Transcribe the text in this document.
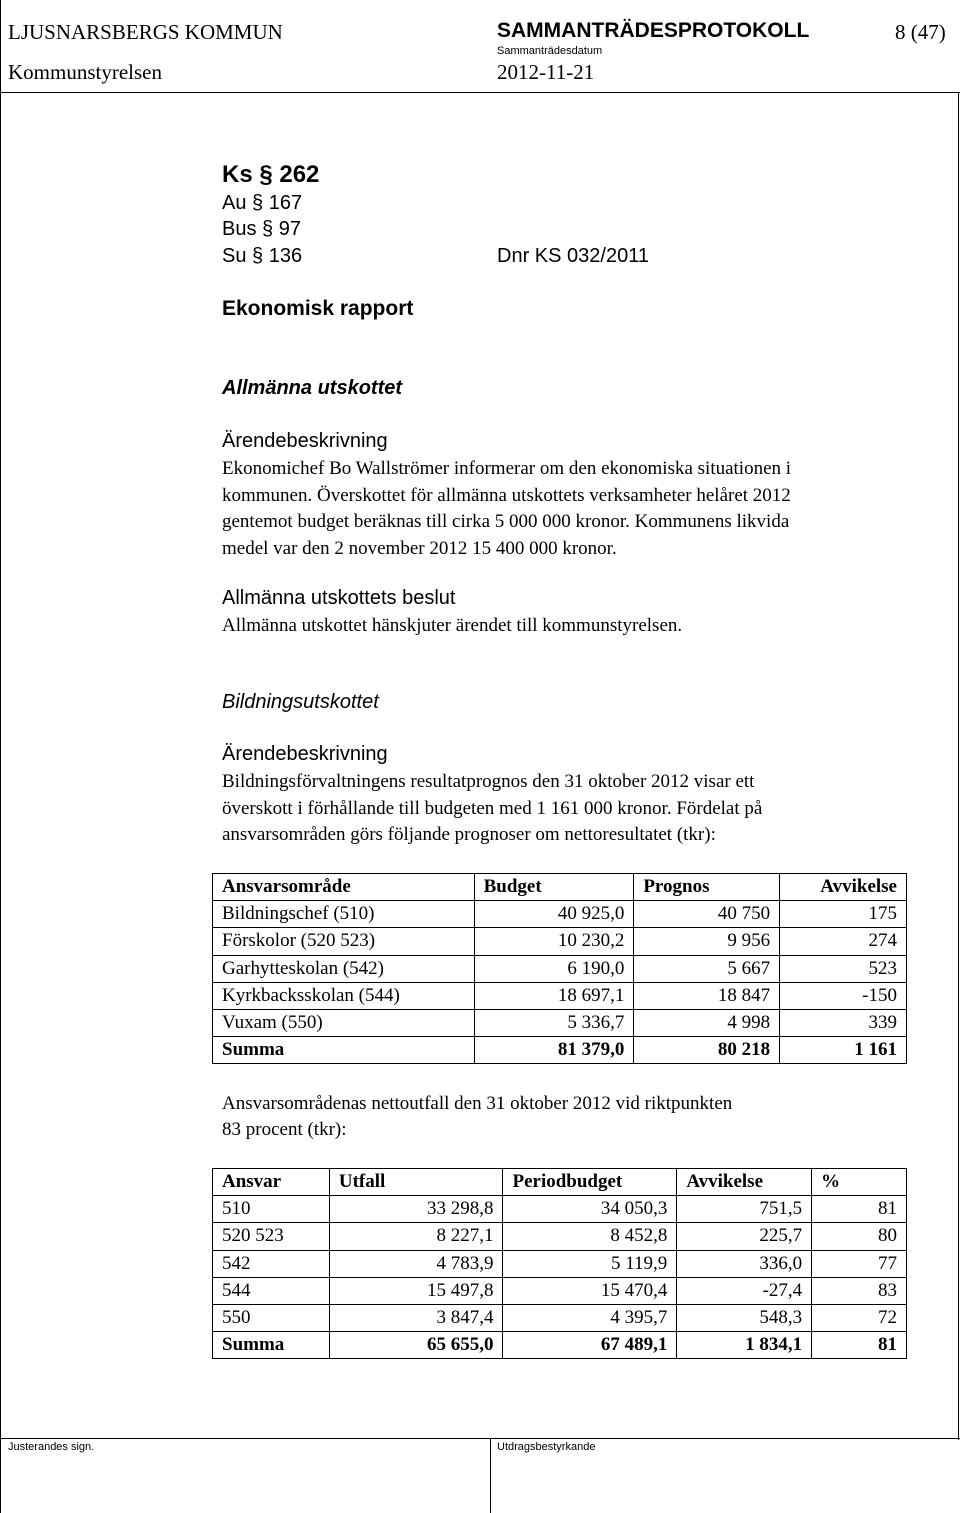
LJUSNARSBERGS KOMMUN	SAMMANTRÄDESPROTOKOLL	8 (47)
Sammanträdesdatum
Kommunstyrelsen	2012-11-21
Ks § 262
Au § 167
Bus § 97
Su § 136	Dnr KS 032/2011
Ekonomisk rapport
Allmänna utskottet
Ärendebeskrivning
Ekonomichef Bo Wallströmer informerar om den ekonomiska situationen i
kommunen. Överskottet för allmänna utskottets verksamheter helåret 2012
gentemot budget beräknas till cirka 5 000 000 kronor. Kommunens likvida
medel var den 2 november 2012 15 400 000 kronor.
Allmänna utskottets beslut
Allmänna utskottet hänskjuter ärendet till kommunstyrelsen.
Bildningsutskottet
Ärendebeskrivning
Bildningsförvaltningens resultatprognos den 31 oktober 2012 visar ett
överskott i förhållande till budgeten med 1 161 000 kronor. Fördelat på
ansvarsområden görs följande prognoser om nettoresultatet (tkr):
Ansvarsområde	Budget	Prognos	Avvikelse
Bildningschef (510)	40 925,0	40 750	175
Förskolor (520 523)	10 230,2	9 956	274
Garhytteskolan (542)	6 190,0	5 667	523
Kyrkbacksskolan (544)	18 697,1	18 847	-150
Vuxam (550)	5 336,7	4 998	339
Summa	81 379,0	80 218	1 161
Ansvarsområdenas nettoutfall den 31 oktober 2012 vid riktpunkten
83 procent (tkr):
Ansvar	Utfall	Periodbudget	Avvikelse	%
510	33 298,8	34 050,3	751,5	81
520 523	8 227,1	8 452,8	225,7	80
542	4 783,9	5 119,9	336,0	77
544	15 497,8	15 470,4	-27,4	83
550	3 847,4	4 395,7	548,3	72
Summa	65 655,0	67 489,1	1 834,1	81
Justerandes sign.	Utdragsbestyrkande
